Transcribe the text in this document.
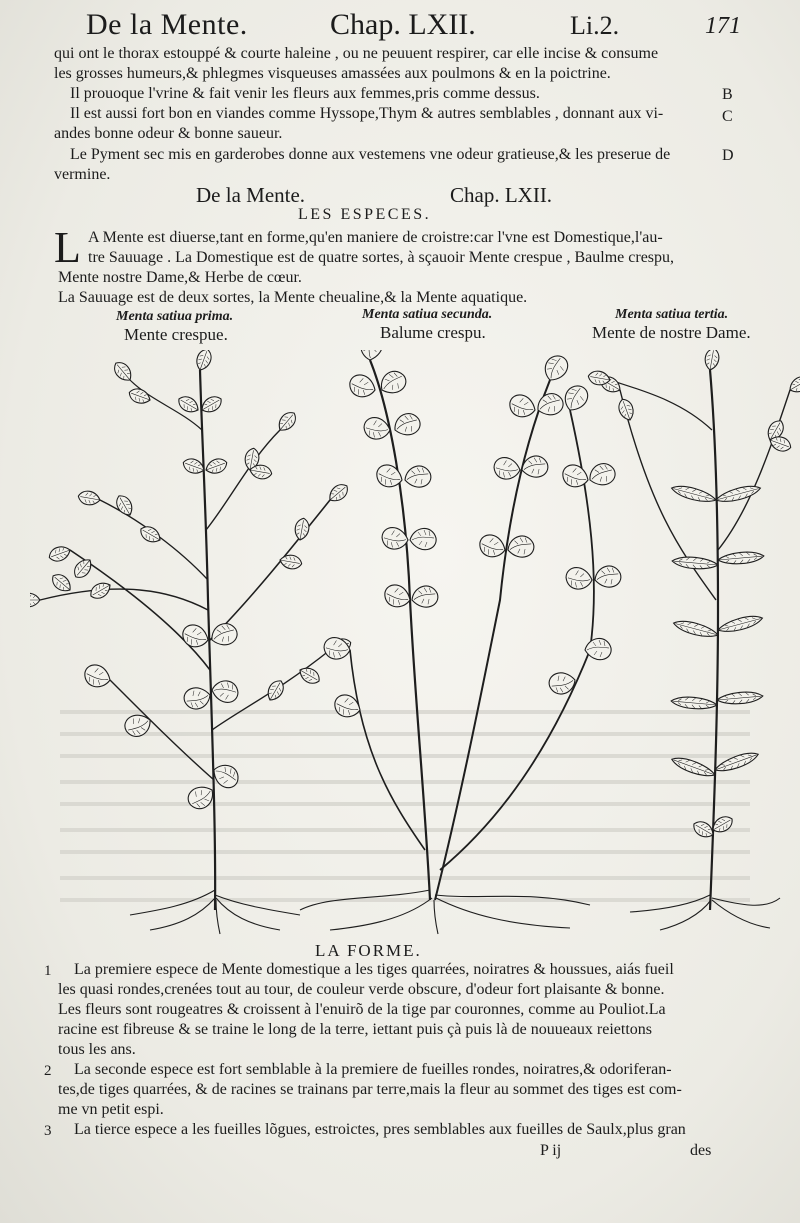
De la Mente.	Chap. LXII.	Li.2.	171
qui ont le thorax estouppé & courte haleine , ou ne peuuent respirer, car elle incise & consume
les grosses humeurs,& phlegmes visqueuses amassées aux poulmons & en la poictrine.
Il prouoque l'vrine & fait venir les fleurs aux femmes,pris comme dessus.
Il est aussi fort bon en viandes comme Hyssope,Thym & autres semblables , donnant aux vi-
andes bonne odeur & bonne saueur.
Le Pyment sec mis en garderobes donne aux vestemens vne odeur gratieuse,& les preserue de
vermine.
B
C
D
De la Mente.	Chap. LXII.
LES ESPECES.
L A Mente est diuerse,tant en forme,qu'en maniere de croistre:car l'vne est Domestique,l'au-
tre Sauuage . La Domestique est de quatre sortes, à sçauoir Mente crespue , Baulme crespu,
Mente nostre Dame,& Herbe de cœur.
La Sauuage est de deux sortes, la Mente cheualine,& la Mente aquatique.
Menta satiua prima.
Mente crespue.
Menta satiua secunda.
Balume crespu.
Menta satiua tertia.
Mente de nostre Dame.
LA FORME.
1 La premiere espece de Mente domestique a les tiges quarrées, noiratres & houssues, aiás fueil
les quasi rondes,crenées tout au tour, de couleur verde obscure, d'odeur fort plaisante & bonne.
Les fleurs sont rougeatres & croissent à l'enuirõ de la tige par couronnes, comme au Pouliot.La
racine est fibreuse & se traine le long de la terre, iettant puis çà puis là de nouueaux reiettons
tous les ans.
2 La seconde espece est fort semblable à la premiere de fueilles rondes, noiratres,& odoriferan-
tes,de tiges quarrées, & de racines se trainans par terre,mais la fleur au sommet des tiges est com-
me vn petit espi.
3 La tierce espece a les fueilles lõgues, estroictes, pres semblables aux fueilles de Saulx,plus gran
P ij	des
